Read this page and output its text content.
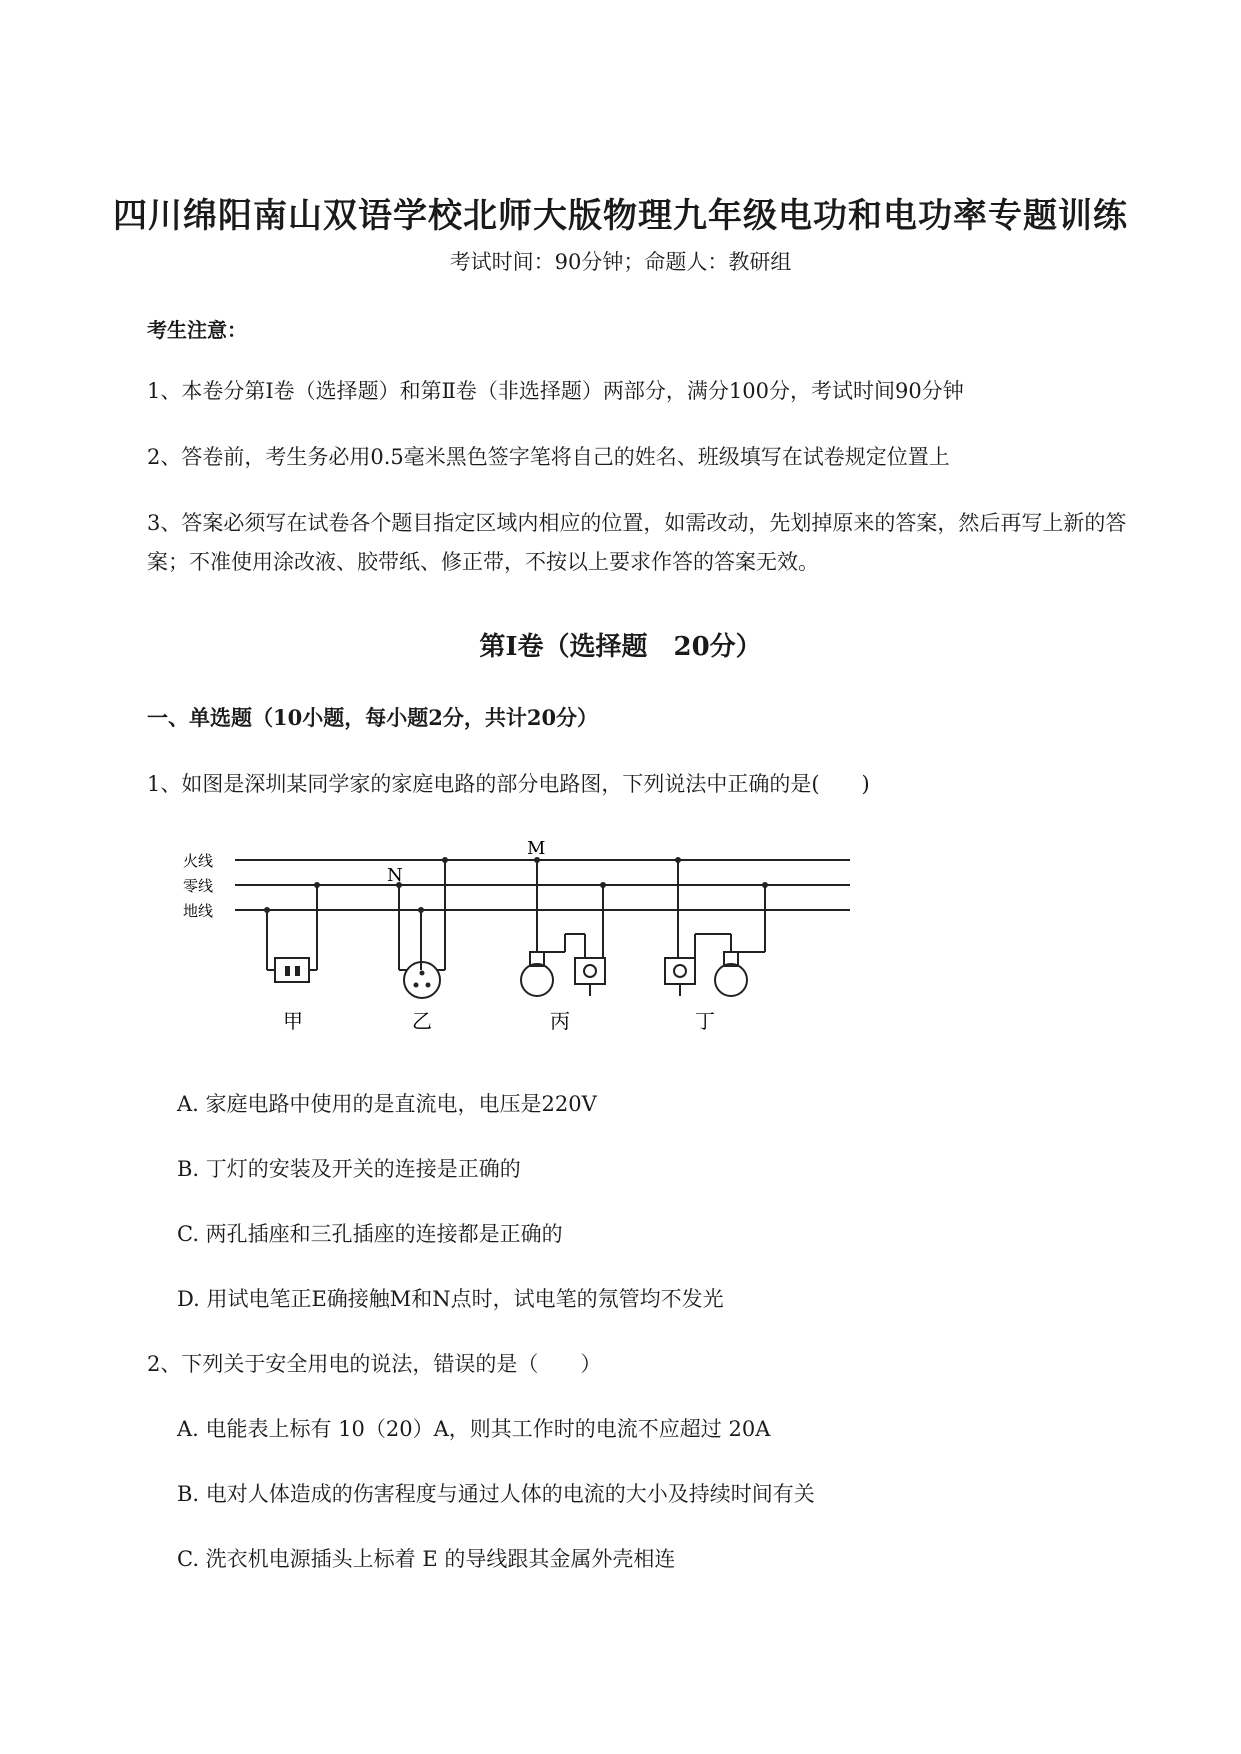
四川绵阳南山双语学校北师大版物理九年级电功和电功率专题训练
考试时间：90分钟；命题人：教研组
考生注意：
1、本卷分第I卷（选择题）和第Ⅱ卷（非选择题）两部分，满分100分，考试时间90分钟
2、答卷前，考生务必用0.5毫米黑色签字笔将自己的姓名、班级填写在试卷规定位置上
3、答案必须写在试卷各个题目指定区域内相应的位置，如需改动，先划掉原来的答案，然后再写上新的答案；不准使用涂改液、胶带纸、修正带，不按以上要求作答的答案无效。
第I卷（选择题　20分）
一、单选题（10小题，每小题2分，共计20分）
1、如图是深圳某同学家的家庭电路的部分电路图，下列说法中正确的是(　　)
火线
零线
地线
N
M
甲	乙	丙	丁
A. 家庭电路中使用的是直流电，电压是220V
B. 丁灯的安装及开关的连接是正确的
C. 两孔插座和三孔插座的连接都是正确的
D. 用试电笔正E确接触M和N点时，试电笔的氖管均不发光
2、下列关于安全用电的说法，错误的是（　　）
A. 电能表上标有 10（20）A，则其工作时的电流不应超过 20A
B. 电对人体造成的伤害程度与通过人体的电流的大小及持续时间有关
C. 洗衣机电源插头上标着 E 的导线跟其金属外壳相连
